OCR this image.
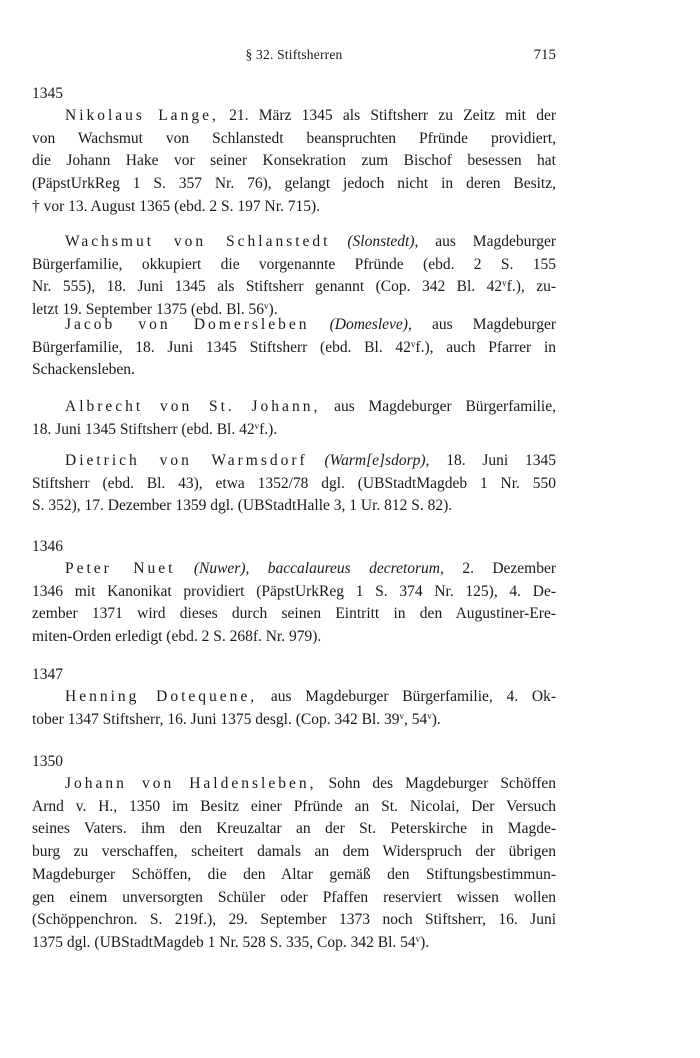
§ 32. Stiftsherren	715
1345
Nikolaus Lange, 21. März 1345 als Stiftsherr zu Zeitz mit der
von Wachsmut von Schlanstedt beanspruchten Pfründe providiert,
die Johann Hake vor seiner Konsekration zum Bischof besessen hat
(PäpstUrkReg 1 S. 357 Nr. 76), gelangt jedoch nicht in deren Besitz,
† vor 13. August 1365 (ebd. 2 S. 197 Nr. 715).
Wachsmut von Schlanstedt (Slonstedt), aus Magdeburger
Bürgerfamilie, okkupiert die vorgenannte Pfründe (ebd. 2 S. 155
Nr. 555), 18. Juni 1345 als Stiftsherr genannt (Cop. 342 Bl. 42$^v$f.), zu-
letzt 19. September 1375 (ebd. Bl. 56$^v$).
Jacob von Domersleben (Domesleve), aus Magdeburger
Bürgerfamilie, 18. Juni 1345 Stiftsherr (ebd. Bl. 42$^v$f.), auch Pfarrer in
Schackensleben.
Albrecht von St. Johann, aus Magdeburger Bürgerfamilie,
18. Juni 1345 Stiftsherr (ebd. Bl. 42$^v$f.).
Dietrich von Warmsdorf (Warm[e]sdorp), 18. Juni 1345
Stiftsherr (ebd. Bl. 43), etwa 1352/78 dgl. (UBStadtMagdeb 1 Nr. 550
S. 352), 17. Dezember 1359 dgl. (UBStadtHalle 3, 1 Ur. 812 S. 82).
1346
Peter Nuet (Nuwer), baccalaureus decretorum, 2. Dezember
1346 mit Kanonikat providiert (PäpstUrkReg 1 S. 374 Nr. 125), 4. De-
zember 1371 wird dieses durch seinen Eintritt in den Augustiner-Ere-
miten-Orden erledigt (ebd. 2 S. 268f. Nr. 979).
1347
Henning Dotequene, aus Magdeburger Bürgerfamilie, 4. Ok-
tober 1347 Stiftsherr, 16. Juni 1375 desgl. (Cop. 342 Bl. 39$^v$, 54$^v$).
1350
Johann von Haldensleben, Sohn des Magdeburger Schöffen
Arnd v. H., 1350 im Besitz einer Pfründe an St. Nicolai, Der Versuch
seines Vaters. ihm den Kreuzaltar an der St. Peterskirche in Magde-
burg zu verschaffen, scheitert damals an dem Widerspruch der übrigen
Magdeburger Schöffen, die den Altar gemäß den Stiftungsbestimmun-
gen einem unversorgten Schüler oder Pfaffen reserviert wissen wollen
(Schöppenchron. S. 219f.), 29. September 1373 noch Stiftsherr, 16. Juni
1375 dgl. (UBStadtMagdeb 1 Nr. 528 S. 335, Cop. 342 Bl. 54$^v$).
